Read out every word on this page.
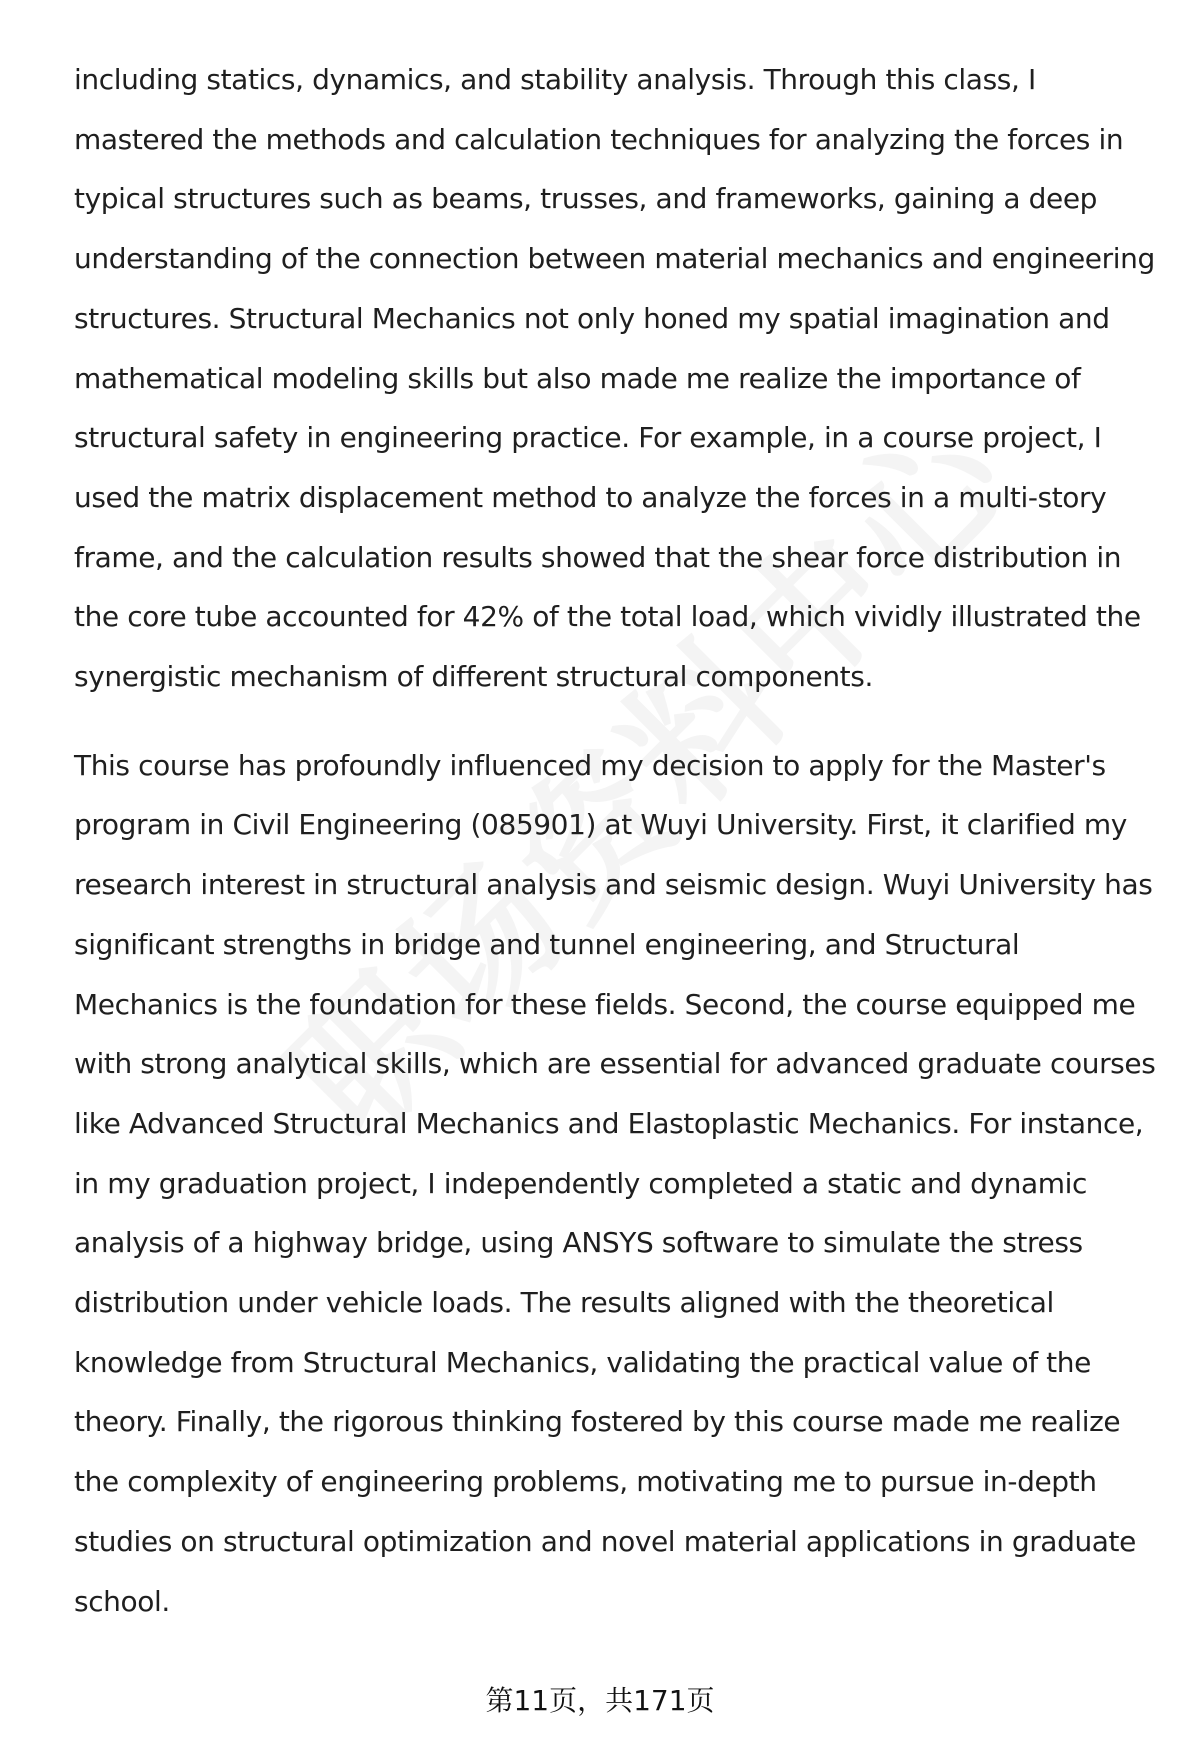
including statics, dynamics, and stability analysis. Through this class, I mastered the methods and calculation techniques for analyzing the forces in typical structures such as beams, trusses, and frameworks, gaining a deep understanding of the connection between material mechanics and engineering structures. Structural Mechanics not only honed my spatial imagination and mathematical modeling skills but also made me realize the importance of structural safety in engineering practice. For example, in a course project, I used the matrix displacement method to analyze the forces in a multi-story frame, and the calculation results showed that the shear force distribution in the core tube accounted for 42% of the total load, which vividly illustrated the synergistic mechanism of different structural components.

This course has profoundly influenced my decision to apply for the Master's program in Civil Engineering (085901) at Wuyi University. First, it clarified my research interest in structural analysis and seismic design. Wuyi University has significant strengths in bridge and tunnel engineering, and Structural Mechanics is the foundation for these fields. Second, the course equipped me with strong analytical skills, which are essential for advanced graduate courses like Advanced Structural Mechanics and Elastoplastic Mechanics. For instance, in my graduation project, I independently completed a static and dynamic analysis of a highway bridge, using ANSYS software to simulate the stress distribution under vehicle loads. The results aligned with the theoretical knowledge from Structural Mechanics, validating the practical value of the theory. Finally, the rigorous thinking fostered by this course made me realize the complexity of engineering problems, motivating me to pursue in-depth studies on structural optimization and novel material applications in graduate school.

第11页，共171页
